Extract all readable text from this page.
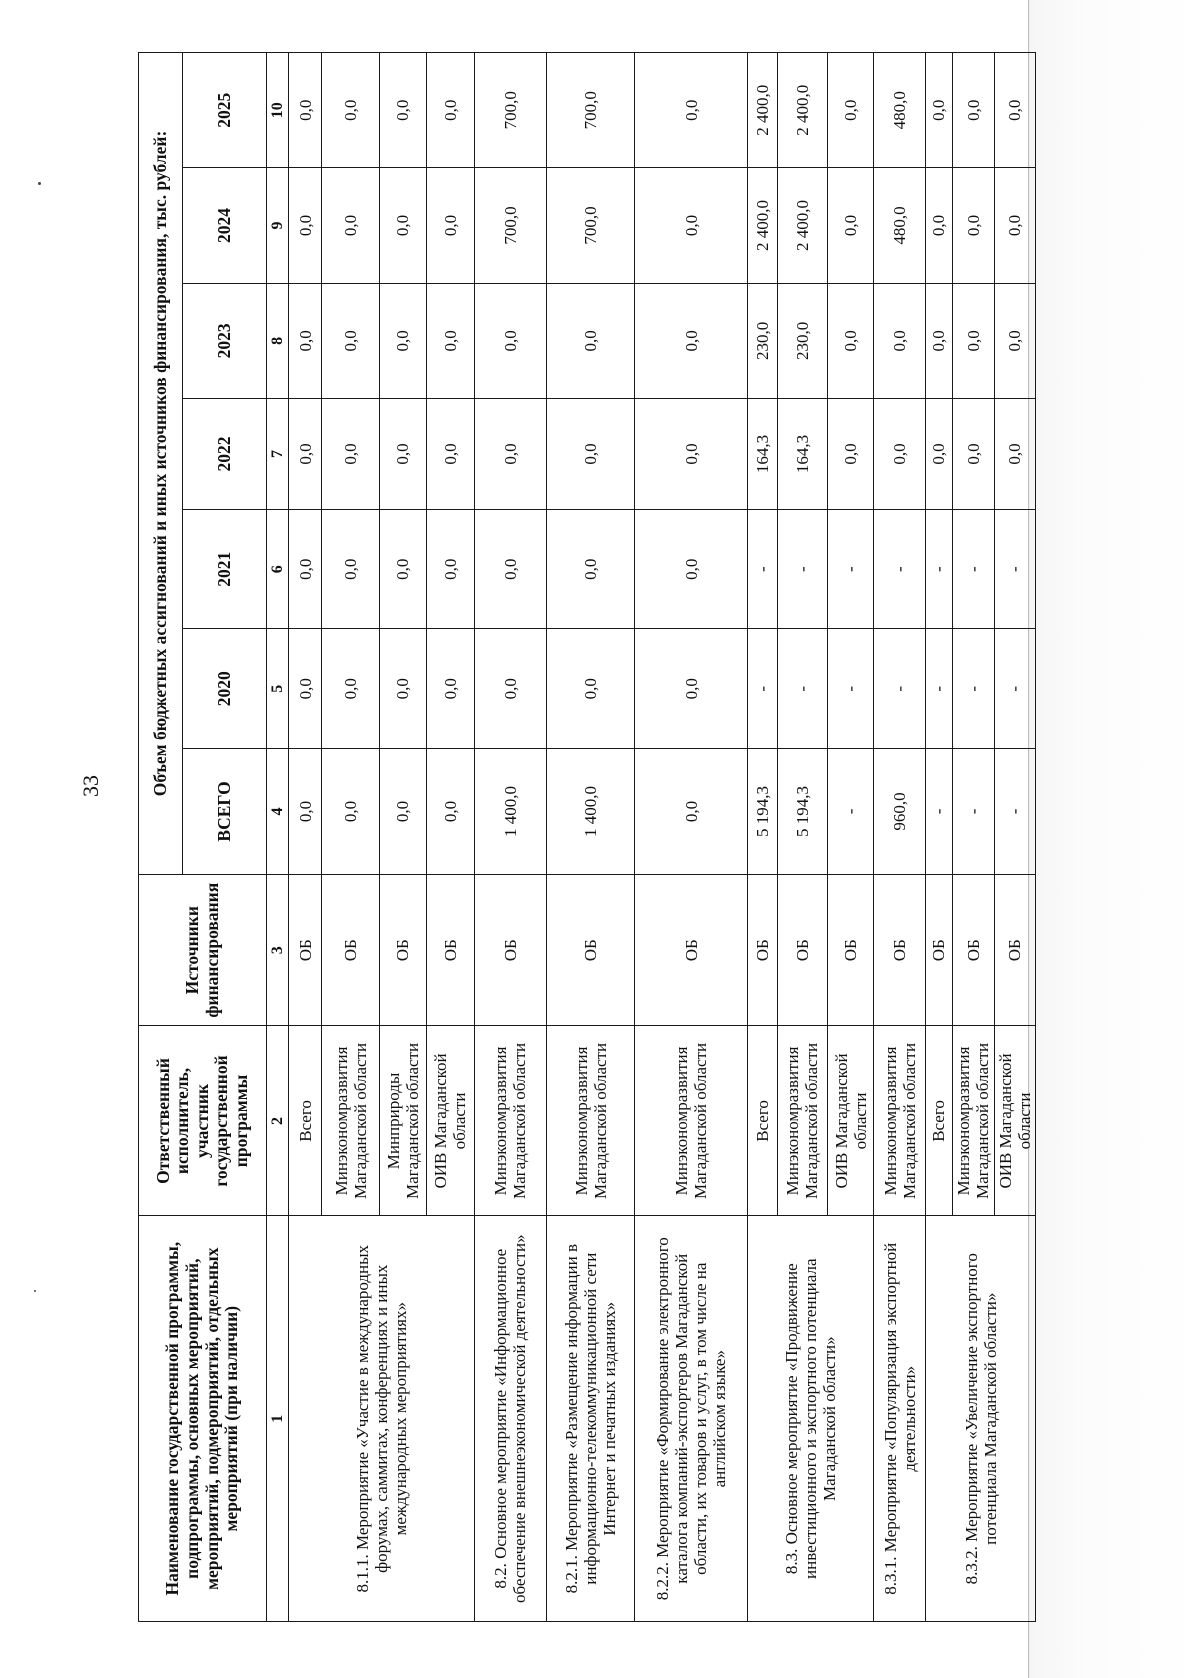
33
Наименование государственной программы, подпрограммы, основных мероприятий, мероприятий, подмероприятий, отдельных мероприятий (при наличии)	Ответственный исполнитель, участник государственной программы	Источники финансирования	Объем бюджетных ассигнований и иных источников финансирования, тыс. рублей:						
			ВСЕГО	2020	2021	2022	2023	2024	2025
1	2	3	4	5	6	7	8	9	10
8.1.1. Мероприятие «Участие в международных форумах, саммитах, конференциях и иных международных мероприятиях»	Всего	ОБ	0,0	0,0	0,0	0,0	0,0	0,0	0,0
	Минэкономразвития Магаданской области	ОБ	0,0	0,0	0,0	0,0	0,0	0,0	0,0
	Минприроды Магаданской области	ОБ	0,0	0,0	0,0	0,0	0,0	0,0	0,0
	ОИВ Магаданской области	ОБ	0,0	0,0	0,0	0,0	0,0	0,0	0,0
8.2. Основное мероприятие «Информационное обеспечение внешнеэкономической деятельности»	Минэкономразвития Магаданской области	ОБ	1 400,0	0,0	0,0	0,0	0,0	700,0	700,0
8.2.1. Мероприятие «Размещение информации в информационно-телекоммуникационной сети Интернет и печатных изданиях»	Минэкономразвития Магаданской области	ОБ	1 400,0	0,0	0,0	0,0	0,0	700,0	700,0
8.2.2. Мероприятие «Формирование электронного каталога компаний-экспортеров Магаданской области, их товаров и услуг, в том числе на английском языке»	Минэкономразвития Магаданской области	ОБ	0,0	0,0	0,0	0,0	0,0	0,0	0,0
8.3. Основное мероприятие «Продвижение инвестиционного и экспортного потенциала Магаданской области»	Всего	ОБ	5 194,3	-	-	164,3	230,0	2 400,0	2 400,0
	Минэкономразвития Магаданской области	ОБ	5 194,3	-	-	164,3	230,0	2 400,0	2 400,0
	ОИВ Магаданской области	ОБ	-	-	-	0,0	0,0	0,0	0,0
8.3.1. Мероприятие «Популяризация экспортной деятельности»	Минэкономразвития Магаданской области	ОБ	960,0	-	-	0,0	0,0	480,0	480,0
8.3.2. Мероприятие «Увеличение экспортного потенциала Магаданской области»	Всего	ОБ	-	-	-	0,0	0,0	0,0	0,0
	Минэкономразвития Магаданской области	ОБ	-	-	-	0,0	0,0	0,0	0,0
	ОИВ Магаданской области	ОБ	-	-	-	0,0	0,0	0,0	0,0
